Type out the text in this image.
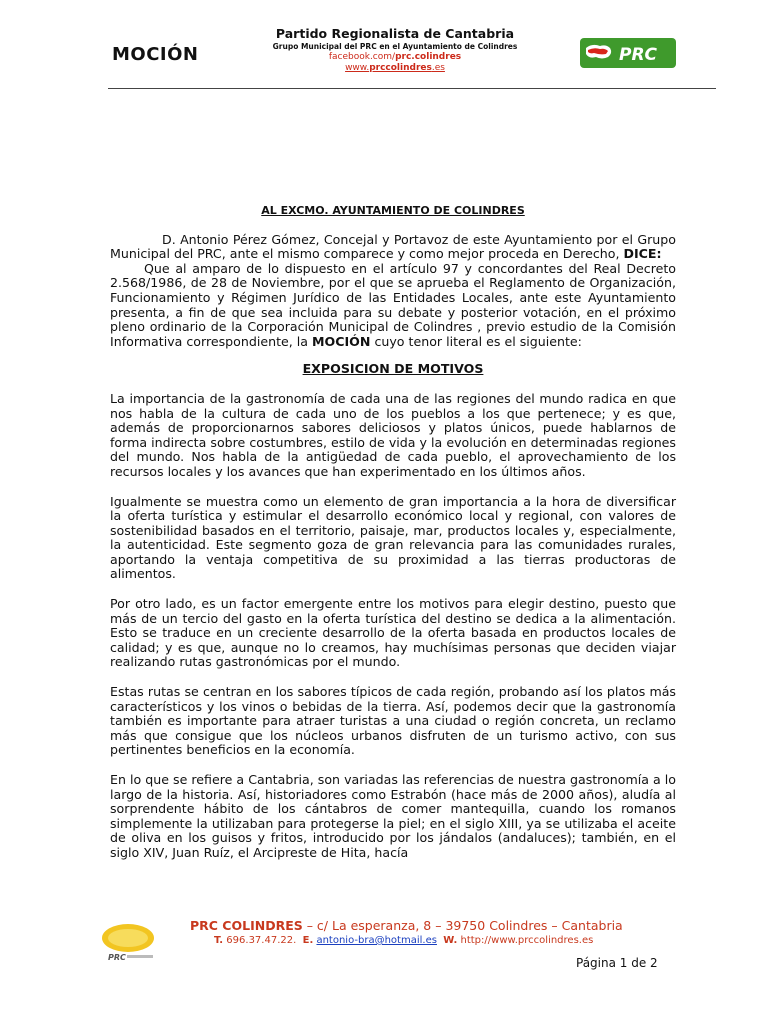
MOCIÓN
Partido Regionalista de Cantabria
Grupo Municipal del PRC en el Ayuntamiento de Colindres
facebook.com/prc.colindres
www.prccolindres.es
PRC
AL EXCMO. AYUNTAMIENTO DE COLINDRES

D. Antonio Pérez Gómez, Concejal y Portavoz de este Ayuntamiento por el Grupo Municipal del PRC, ante el mismo comparece y como mejor proceda en Derecho, DICE:

Que al amparo de lo dispuesto en el artículo 97 y concordantes del Real Decreto 2.568/1986, de 28 de Noviembre, por el que se aprueba el Reglamento de Organización, Funcionamiento y Régimen Jurídico de las Entidades Locales, ante este Ayuntamiento presenta, a fin de que sea incluida para su debate y posterior votación, en el próximo pleno ordinario de la Corporación Municipal de Colindres , previo estudio de la Comisión Informativa correspondiente, la MOCIÓN cuyo tenor literal es el siguiente:

EXPOSICION DE MOTIVOS

La importancia de la gastronomía de cada una de las regiones del mundo radica en que nos habla de la cultura de cada uno de los pueblos a los que pertenece; y es que, además de proporcionarnos sabores deliciosos y platos únicos, puede hablarnos de forma indirecta sobre costumbres, estilo de vida y la evolución en determinadas regiones del mundo. Nos habla de la antigüedad de cada pueblo, el aprovechamiento de los recursos locales y los avances que han experimentado en los últimos años.

Igualmente se muestra como un elemento de gran importancia a la hora de diversificar la oferta turística y estimular el desarrollo económico local y regional, con valores de sostenibilidad basados en el territorio, paisaje, mar, productos locales y, especialmente, la autenticidad. Este segmento goza de gran relevancia para las comunidades rurales, aportando la ventaja competitiva de su proximidad a las tierras productoras de alimentos.

Por otro lado, es un factor emergente entre los motivos para elegir destino, puesto que más de un tercio del gasto en la oferta turística del destino se dedica a la alimentación. Esto se traduce en un creciente desarrollo de la oferta basada en productos locales de calidad; y es que, aunque no lo creamos, hay muchísimas personas que deciden viajar realizando rutas gastronómicas por el mundo.

Estas rutas se centran en los sabores típicos de cada región, probando así los platos más característicos y los vinos o bebidas de la tierra. Así, podemos decir que la gastronomía también es importante para atraer turistas a una ciudad o región concreta, un reclamo más que consigue que los núcleos urbanos disfruten de un turismo activo, con sus pertinentes beneficios en la economía.

En lo que se refiere a Cantabria, son variadas las referencias de nuestra gastronomía a lo largo de la historia. Así, historiadores como Estrabón (hace más de 2000 años), aludía al sorprendente hábito de los cántabros de comer mantequilla, cuando los romanos simplemente la utilizaban para protegerse la piel; en el siglo XIII, ya se utilizaba el aceite de oliva en los guisos y fritos, introducido por los jándalos (andaluces); también, en el siglo XIV, Juan Ruíz, el Arcipreste de Hita, hacía

PRC
PRC COLINDRES – c/ La esperanza, 8 – 39750 Colindres – Cantabria
T. 696.37.47.22. E. antonio-bra@hotmail.es W. http://www.prccolindres.es
Página 1 de 2
